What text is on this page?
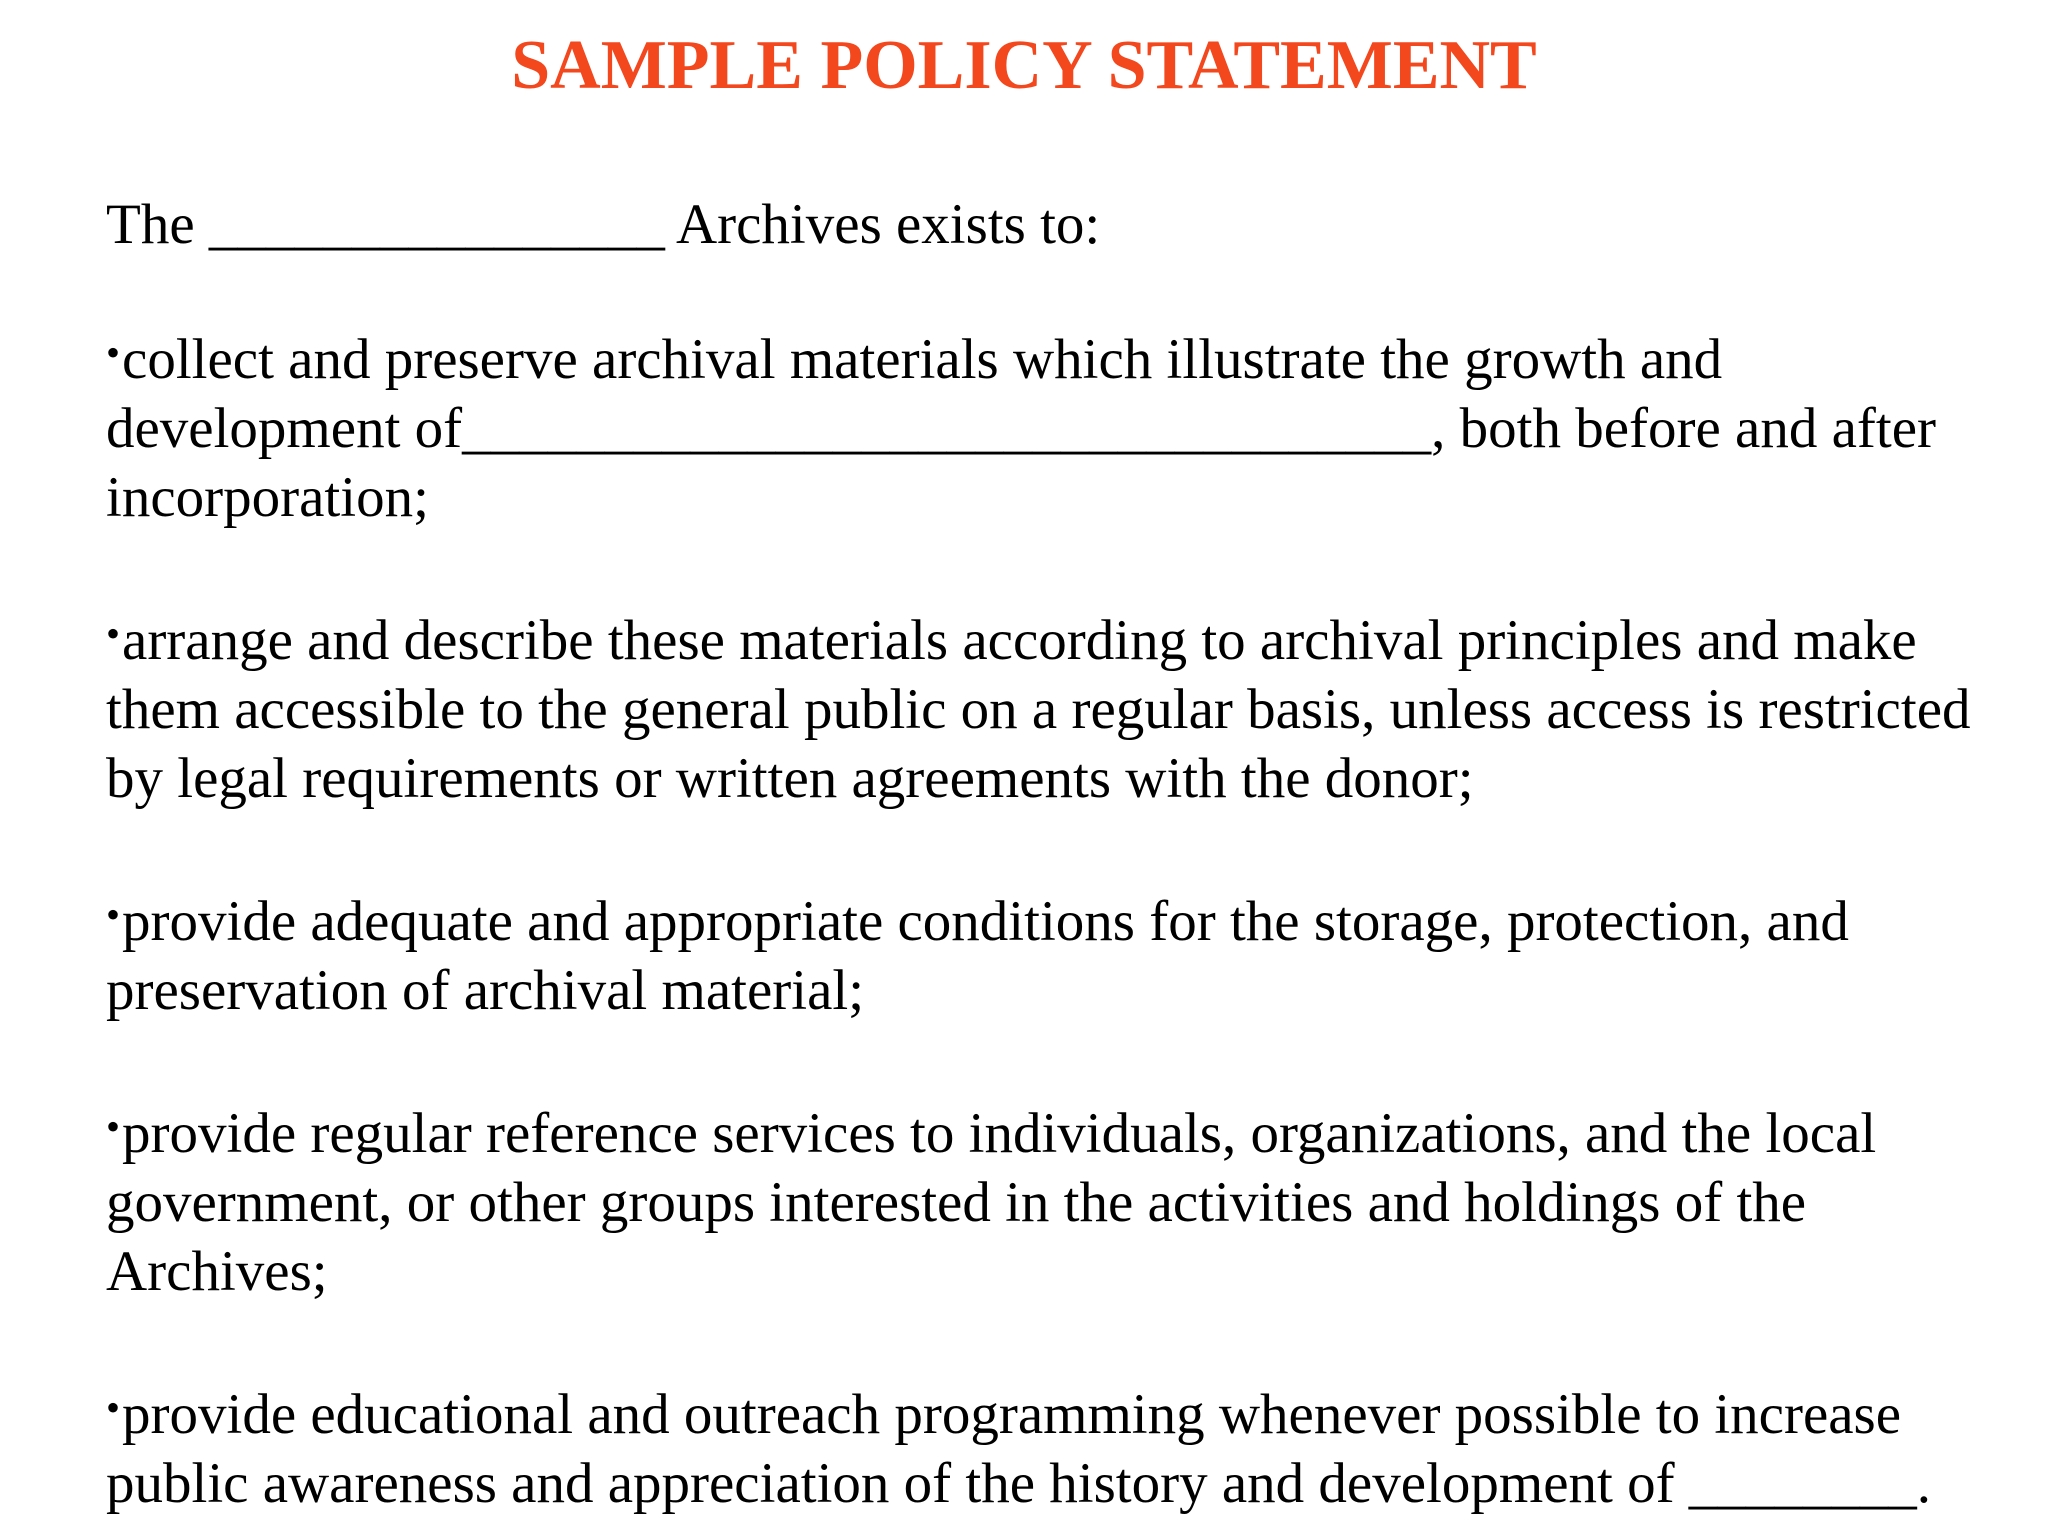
SAMPLE POLICY STATEMENT
The ________________ Archives exists to:
•collect and preserve archival materials which illustrate the growth and
development of__________________________________, both before and after
incorporation;
•arrange and describe these materials according to archival principles and make
them accessible to the general public on a regular basis, unless access is restricted
by legal requirements or written agreements with the donor;
•provide adequate and appropriate conditions for the storage, protection, and
preservation of archival material;
•provide regular reference services to individuals, organizations, and the local
government, or other groups interested in the activities and holdings of the
Archives;
•provide educational and outreach programming whenever possible to increase
public awareness and appreciation of the history and development of ________.
